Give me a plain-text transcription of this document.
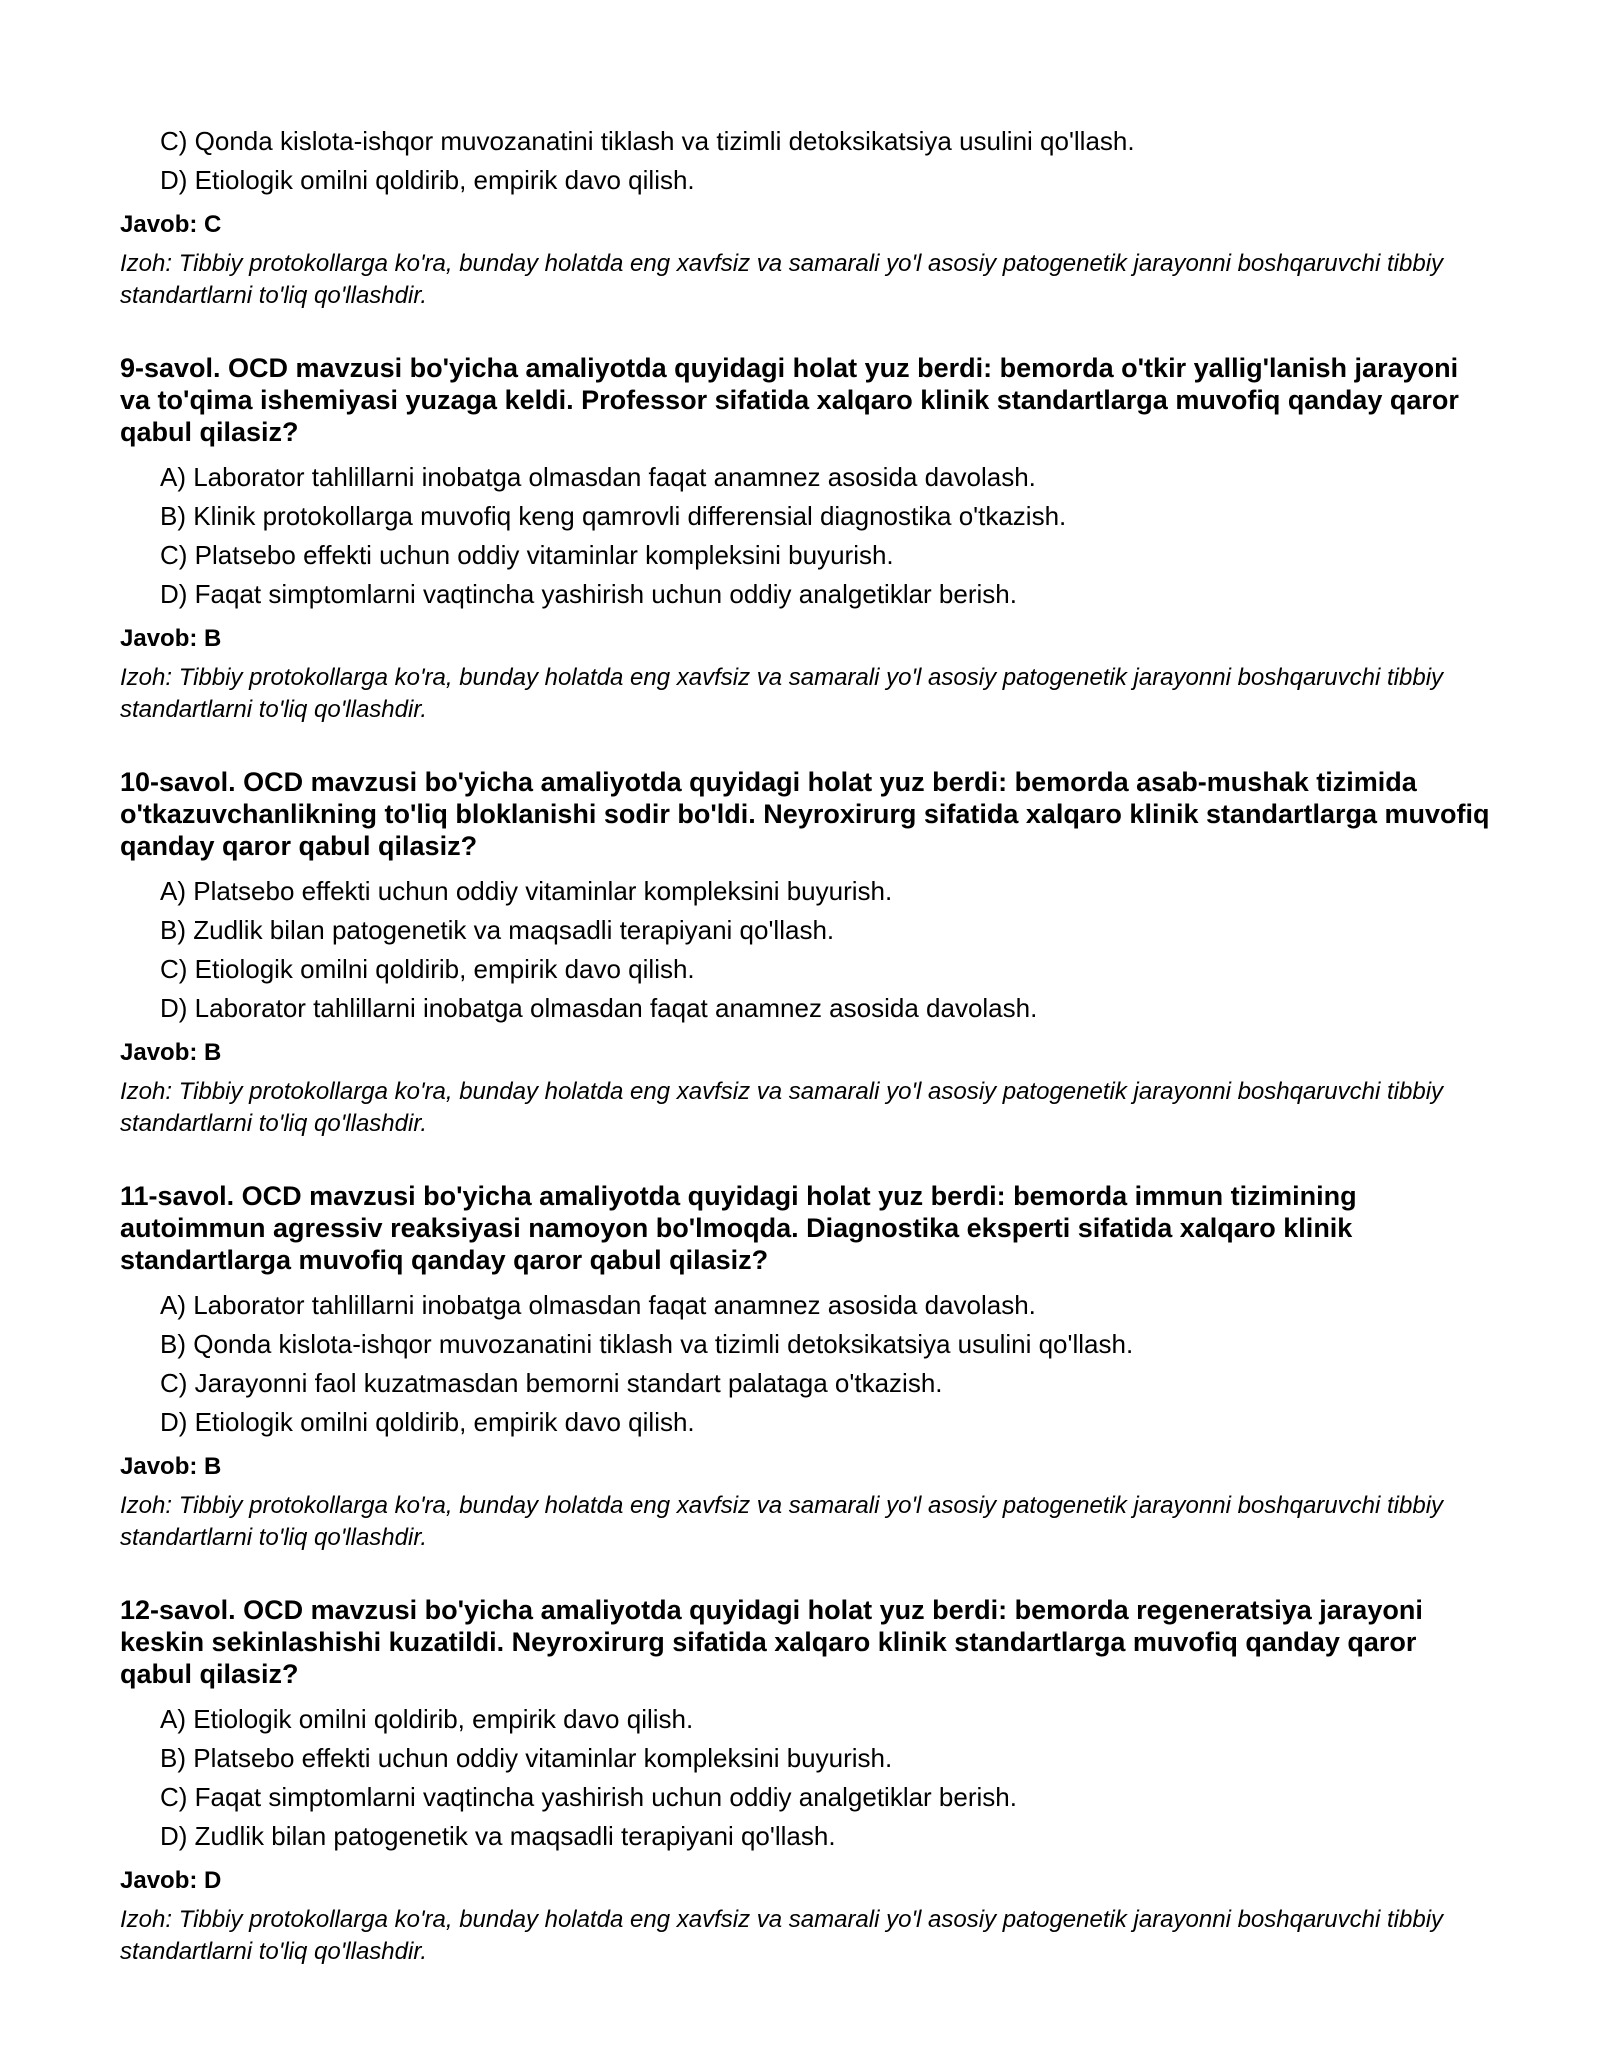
C) Qonda kislota-ishqor muvozanatini tiklash va tizimli detoksikatsiya usulini qo'llash.
D) Etiologik omilni qoldirib, empirik davo qilish.
Javob: C
Izoh: Tibbiy protokollarga ko'ra, bunday holatda eng xavfsiz va samarali yo'l asosiy patogenetik jarayonni boshqaruvchi tibbiy standartlarni to'liq qo'llashdir.
9-savol. OCD mavzusi bo'yicha amaliyotda quyidagi holat yuz berdi: bemorda o'tkir yallig'lanish jarayoni va to'qima ishemiyasi yuzaga keldi. Professor sifatida xalqaro klinik standartlarga muvofiq qanday qaror qabul qilasiz?
A) Laborator tahlillarni inobatga olmasdan faqat anamnez asosida davolash.
B) Klinik protokollarga muvofiq keng qamrovli differensial diagnostika o'tkazish.
C) Platsebo effekti uchun oddiy vitaminlar kompleksini buyurish.
D) Faqat simptomlarni vaqtincha yashirish uchun oddiy analgetiklar berish.
Javob: B
Izoh: Tibbiy protokollarga ko'ra, bunday holatda eng xavfsiz va samarali yo'l asosiy patogenetik jarayonni boshqaruvchi tibbiy standartlarni to'liq qo'llashdir.
10-savol. OCD mavzusi bo'yicha amaliyotda quyidagi holat yuz berdi: bemorda asab-mushak tizimida o'tkazuvchanlikning to'liq bloklanishi sodir bo'ldi. Neyroxirurg sifatida xalqaro klinik standartlarga muvofiq qanday qaror qabul qilasiz?
A) Platsebo effekti uchun oddiy vitaminlar kompleksini buyurish.
B) Zudlik bilan patogenetik va maqsadli terapiyani qo'llash.
C) Etiologik omilni qoldirib, empirik davo qilish.
D) Laborator tahlillarni inobatga olmasdan faqat anamnez asosida davolash.
Javob: B
Izoh: Tibbiy protokollarga ko'ra, bunday holatda eng xavfsiz va samarali yo'l asosiy patogenetik jarayonni boshqaruvchi tibbiy standartlarni to'liq qo'llashdir.
11-savol. OCD mavzusi bo'yicha amaliyotda quyidagi holat yuz berdi: bemorda immun tizimining autoimmun agressiv reaksiyasi namoyon bo'lmoqda. Diagnostika eksperti sifatida xalqaro klinik standartlarga muvofiq qanday qaror qabul qilasiz?
A) Laborator tahlillarni inobatga olmasdan faqat anamnez asosida davolash.
B) Qonda kislota-ishqor muvozanatini tiklash va tizimli detoksikatsiya usulini qo'llash.
C) Jarayonni faol kuzatmasdan bemorni standart palataga o'tkazish.
D) Etiologik omilni qoldirib, empirik davo qilish.
Javob: B
Izoh: Tibbiy protokollarga ko'ra, bunday holatda eng xavfsiz va samarali yo'l asosiy patogenetik jarayonni boshqaruvchi tibbiy standartlarni to'liq qo'llashdir.
12-savol. OCD mavzusi bo'yicha amaliyotda quyidagi holat yuz berdi: bemorda regeneratsiya jarayoni keskin sekinlashishi kuzatildi. Neyroxirurg sifatida xalqaro klinik standartlarga muvofiq qanday qaror qabul qilasiz?
A) Etiologik omilni qoldirib, empirik davo qilish.
B) Platsebo effekti uchun oddiy vitaminlar kompleksini buyurish.
C) Faqat simptomlarni vaqtincha yashirish uchun oddiy analgetiklar berish.
D) Zudlik bilan patogenetik va maqsadli terapiyani qo'llash.
Javob: D
Izoh: Tibbiy protokollarga ko'ra, bunday holatda eng xavfsiz va samarali yo'l asosiy patogenetik jarayonni boshqaruvchi tibbiy standartlarni to'liq qo'llashdir.
